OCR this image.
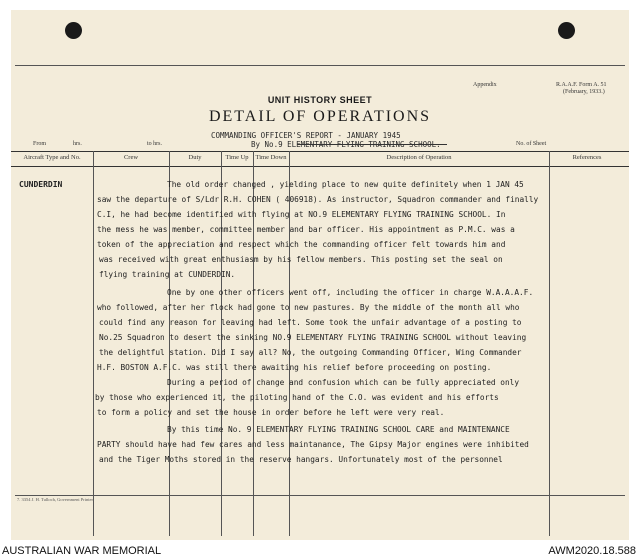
Appendix	R.A.A.F. Form A. 51
(February, 1933.)
UNIT HISTORY SHEET
DETAIL OF OPERATIONS
COMMANDING OFFICER'S REPORT - JANUARY 1945
By No.9 ELEMENTARY FLYING TRAINING SCHOOL.
From	hrs.	to hrs.	No. of Sheet
Aircraft Type and No.	Crew	Duty	Time Up	Time Down	Description of Operation	References
CUNDERDIN	The old order changed , yielding place to new quite definitely when 1 JAN 45
saw the departure of S/Ldr R.H. COHEN ( 406918). As instructor, Squadron commander and finally
C.I, he had become identified with flying at NO.9 ELEMENTARY FLYING TRAINING SCHOOL. In
the mess he was member, committee member and bar officer. His appointment as P.M.C. was a
token of the appreciation and respect which the commanding officer felt towards him and
was received with great enthusiasm by his fellow members. This posting set the seal on
flying training at CUNDERDIN.
One by one other officers went off, including the officer in charge W.A.A.A.F.
who followed, after her flock had gone to new pastures. By the middle of the month all who
could find any reason for leaving had left. Some took the unfair advantage of a posting to
No.25 Squadron to desert the sinking NO.9 ELEMENTARY FLYING TRAINING SCHOOL without leaving
the delightful station. Did I say all? No, the outgoing Commanding Officer, Wing Commander
H.F. BOSTON A.F.C. was still there awaiting his relief before proceeding on posting.
During a period of change and confusion which can be fully appreciated only
by those who experienced it, the piloting hand of the C.O. was evident and his efforts
to form a policy and set the house in order before he left were very real.
By this time No. 9 ELEMENTARY FLYING TRAINING SCHOOL CARE and MAINTENANCE
PARTY should have had few cares and less maintanance, The Gipsy Major engines were inhibited
and the Tiger Moths stored in the reserve hangars. Unfortunately most of the personnel
7. 3354 J. H. Tulloch, Government Printer.
AUSTRALIAN WAR MEMORIAL	AWM2020.18.588
